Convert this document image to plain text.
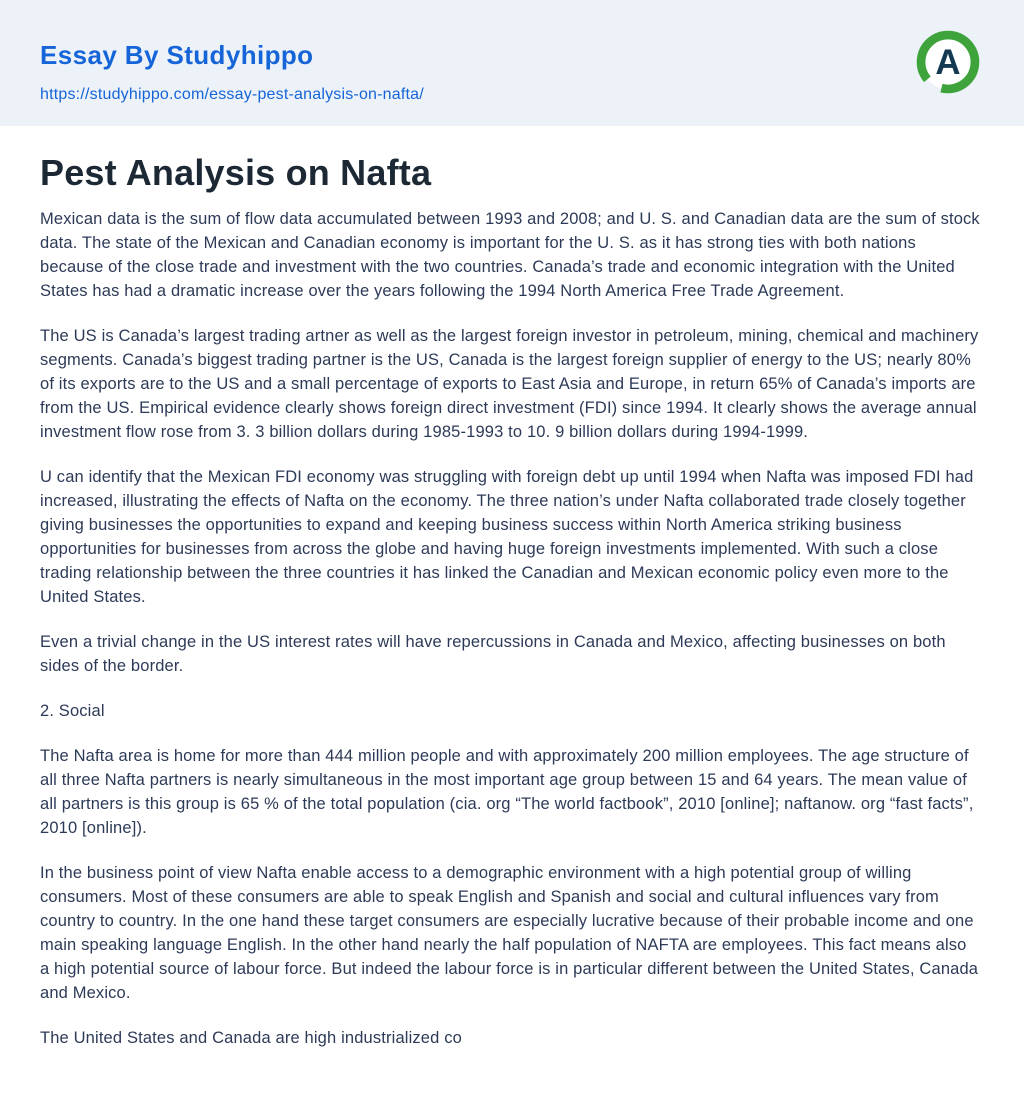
Essay By Studyhippo
https://studyhippo.com/essay-pest-analysis-on-nafta/
A
Pest Analysis on Nafta

Mexican data is the sum of flow data accumulated between 1993 and 2008; and U. S. and Canadian data are the sum of stock data. The state of the Mexican and Canadian economy is important for the U. S. as it has strong ties with both nations because of the close trade and investment with the two countries. Canada’s trade and economic integration with the United States has had a dramatic increase over the years following the 1994 North America Free Trade Agreement.

The US is Canada’s largest trading artner as well as the largest foreign investor in petroleum, mining, chemical and machinery segments. Canada’s biggest trading partner is the US, Canada is the largest foreign supplier of energy to the US; nearly 80% of its exports are to the US and a small percentage of exports to East Asia and Europe, in return 65% of Canada’s imports are from the US. Empirical evidence clearly shows foreign direct investment (FDI) since 1994. It clearly shows the average annual investment flow rose from 3. 3 billion dollars during 1985-1993 to 10. 9 billion dollars during 1994-1999.

U can identify that the Mexican FDI economy was struggling with foreign debt up until 1994 when Nafta was imposed FDI had increased, illustrating the effects of Nafta on the economy. The three nation’s under Nafta collaborated trade closely together giving businesses the opportunities to expand and keeping business success within North America striking business opportunities for businesses from across the globe and having huge foreign investments implemented. With such a close trading relationship between the three countries it has linked the Canadian and Mexican economic policy even more to the United States.

Even a trivial change in the US interest rates will have repercussions in Canada and Mexico, affecting businesses on both sides of the border.

2. Social

The Nafta area is home for more than 444 million people and with approximately 200 million employees. The age structure of all three Nafta partners is nearly simultaneous in the most important age group between 15 and 64 years. The mean value of all partners is this group is 65 % of the total population (cia. org “The world factbook”, 2010 [online]; naftanow. org “fast facts”, 2010 [online]).

In the business point of view Nafta enable access to a demographic environment with a high potential group of willing consumers. Most of these consumers are able to speak English and Spanish and social and cultural influences vary from country to country. In the one hand these target consumers are especially lucrative because of their probable income and one main speaking language English. In the other hand nearly the half population of NAFTA are employees. This fact means also a high potential source of labour force. But indeed the labour force is in particular different between the United States, Canada and Mexico.

The United States and Canada are high industrialized co
